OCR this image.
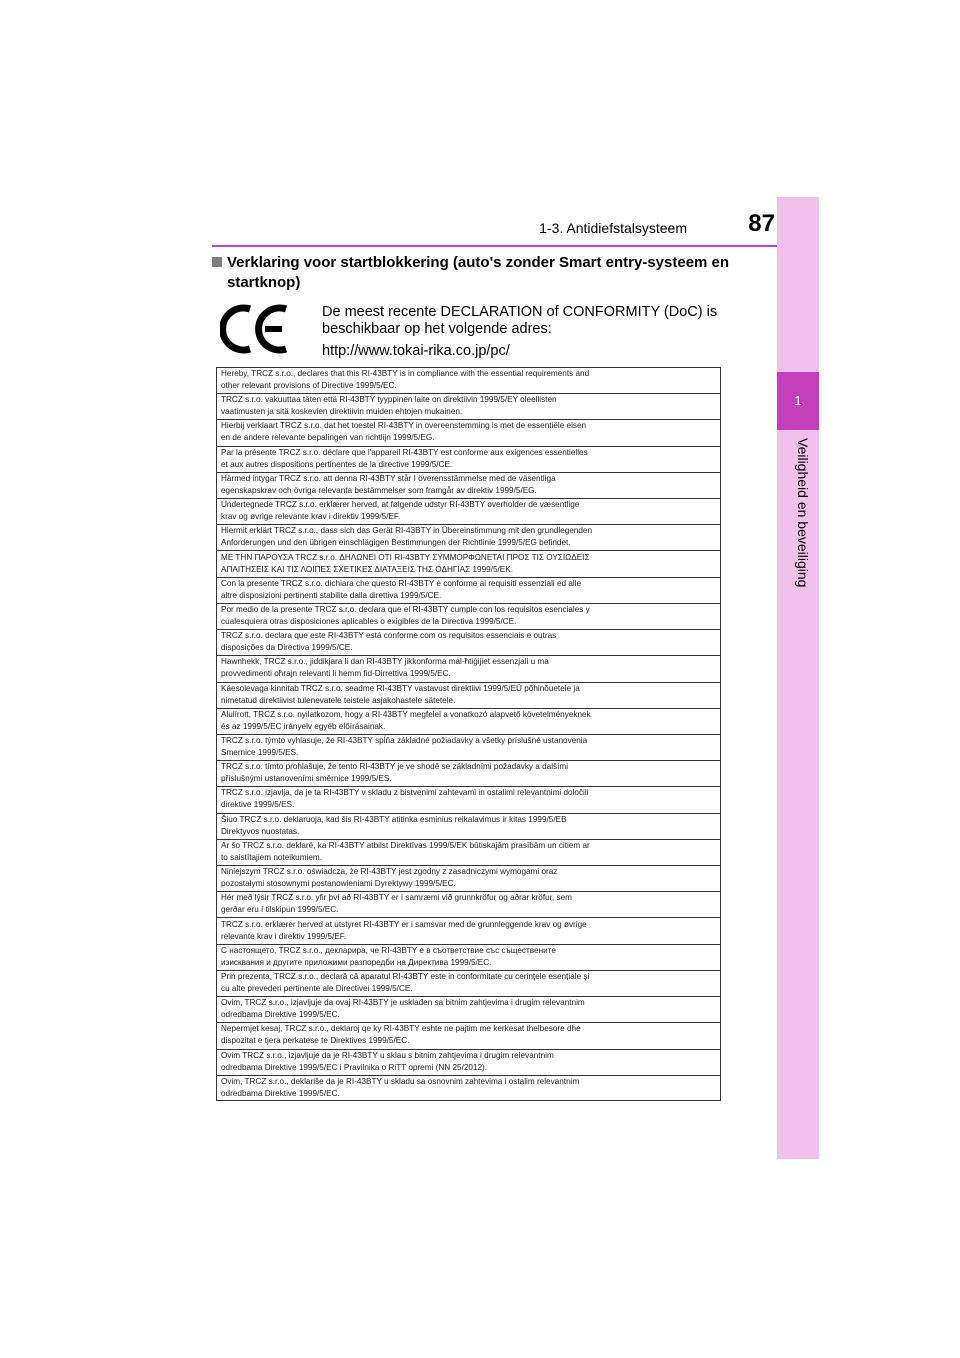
1-3. Antidiefstalsysteem	87
1
Veiligheid en beveiliging
Verklaring voor startblokkering (auto's zonder Smart entry-systeem en startknop)
De meest recente DECLARATION of CONFORMITY (DoC) is
beschikbaar op het volgende adres:
http://www.tokai-rika.co.jp/pc/
Hereby, TRCZ s.r.o., declares that this RI-43BTY is in compliance with the essential requirements and
other relevant provisions of Directive 1999/5/EC.
TRCZ s.r.o. vakuuttaa täten että RI-43BTY tyyppinen laite on direktiivin 1999/5/EY oleellisten
vaatimusten ja sitä koskevien direktiivin muiden ehtojen mukainen.
Hierbij verklaart TRCZ s.r.o. dat het toestel RI-43BTY in overeenstemming is met de essentiële eisen
en de andere relevante bepalingen van richtlijn 1999/5/EG.
Par la présente TRCZ s.r.o. déclare que l'appareil RI-43BTY est conforme aux exigences essentielles
et aux autres dispositions pertinentes de la directive 1999/5/CE.
Härmed intygar TRCZ s.r.o. att denna RI-43BTY står I överensstämmelse med de väsentliga
egenskapskrav och övriga relevanta bestämmelser som framgår av direktiv 1999/5/EG.
Undertegnede TRCZ s.r.o. erklærer herved, at følgende udstyr RI-43BTY overholder de væsentlige
krav og øvrige relevante krav i direktiv 1999/5/EF.
Hiermit erklärt TRCZ s.r.o., dass sich das Gerät RI-43BTY in Übereinstimmung mit den grundlegenden
Anforderungen und den übrigen einschlägigen Bestimmungen der Richtlinie 1999/5/EG befindet.
ΜΕ ΤΗΝ ΠΑΡΟΥΣΑ TRCZ s.r.o. ΔΗΛΩΝΕΙ ΟΤΙ RI-43BTY ΣΥΜΜΟΡΦΩΝΕΤΑΙ ΠΡΟΣ ΤΙΣ ΟΥΣΙΩΔΕΙΣ
ΑΠΑΙΤΗΣΕΙΣ ΚΑΙ ΤΙΣ ΛΟΙΠΕΣ ΣΧΕΤΙΚΕΣ ΔΙΑΤΑΞΕΙΣ ΤΗΣ ΟΔΗΓΙΑΣ 1999/5/ΕΚ.
Con la presente TRCZ s.r.o. dichiara che questo RI-43BTY è conforme ai requisiti essenziali ed alle
altre disposizioni pertinenti stabilite dalla direttiva 1999/5/CE.
Por medio de la presente TRCZ s.r.o. declara que el RI-43BTY cumple con los requisitos esenciales y
cualesquiera otras disposiciones aplicables o exigibles de la Directiva 1999/5/CE.
TRCZ s.r.o. declara que este RI-43BTY está conforme com os requisitos essenciais e outras
disposições da Directiva 1999/5/CE.
Hawnhekk, TRCZ s.r.o., jiddikjara li dan RI-43BTY jikkonforma mal-ħtiġijiet essenzjali u ma
provvedimenti oħrajn relevanti li hemm fid-Dirrettiva 1999/5/EC.
Käesolevaga kinnitab TRCZ s.r.o. seadme RI-43BTY vastavust direktiivi 1999/5/EÜ põhinõuetele ja
nimetatud direktiivist tulenevatele teistele asjakohastele sätetele.
Alulírott, TRCZ s.r.o. nyilatkozom, hogy a RI-43BTY megfelel a vonatkozó alapvető követelményeknek
és az 1999/5/EC irányelv egyéb előírásainak.
TRCZ s.r.o. týmto vyhlasuje, že RI-43BTY spĺňa základné požiadavky a všetky príslušné ustanovenia
Smernice 1999/5/ES.
TRCZ s.r.o. tímto prohlašuje, že tento RI-43BTY je ve shodě se základními požadavky a dalšími
příslušnými ustanoveními směrnice 1999/5/ES.
TRCZ s.r.o. izjavlja, da je ta RI-43BTY v skladu z bistvenimi zahtevami in ostalimi relevantnimi določili
direktive 1999/5/ES.
Šiuo TRCZ s.r.o. deklaruoja, kad šis RI-43BTY atitinka esminius reikalavimus ir kitas 1999/5/EB
Direktyvos nuostatas.
Ar šo TRCZ s.r.o. deklarē, ka RI-43BTY atbilst Direktīvas 1999/5/EK būtiskajām prasībām un citiem ar
to saistītajiem noteikumiem.
Niniejszym TRCZ s.r.o. oświadcza, że RI-43BTY jest zgodny z zasadniczymi wymogami oraz
pozostałymi stosownymi postanowieniami Dyrektywy 1999/5/EC.
Hér með lýsir TRCZ s.r.o. yfir því að RI-43BTY er í samræmi við grunnkröfur og aðrar kröfur, sem
gerðar eru í tilskipun 1999/5/EC.
TRCZ s.r.o. erklærer herved at utstyret RI-43BTY er i samsvar med de grunnleggende krav og øvrige
relevante krav i direktiv 1999/5/EF.
С настоящето, TRCZ s.r.o., декларира, че RI-43BTY е в съответствие със съществените
изисквания и другите приложими разпоредби на Директива 1999/5/ЕС.
Prin prezenta, TRCZ s.r.o., declară că aparatul RI-43BTY este in conformitate cu cerințele esențiale și
cu alte prevederi pertinente ale Directivei 1999/5/CE.
Ovim, TRCZ s.r.o., izjavljuje da ovaj RI-43BTY je usklađen sa bitnim zahtjevima i drugim relevantnim
odredbama Direktive 1999/5/EC.
Nepermjet kesaj, TRCZ s.r.o., deklaroj qe ky RI-43BTY eshte ne pajtim me kerkesat thelbesore dhe
dispozitat e tjera perkatese te Direktives 1999/5/EC.
Ovim TRCZ s.r.o., izjavljuje da je RI-43BTY u sklau s bitnim zahtjevima i drugim relevantnim
odredbama Direktive 1999/5/EC i Pravilnika o RiTT opremi (NN 25/2012).
Ovim, TRCZ s.r.o., deklariše da je RI-43BTY u skladu sa osnovnim zahtevima i ostalim relevantnim
odredbama Direktive 1999/5/EC.
